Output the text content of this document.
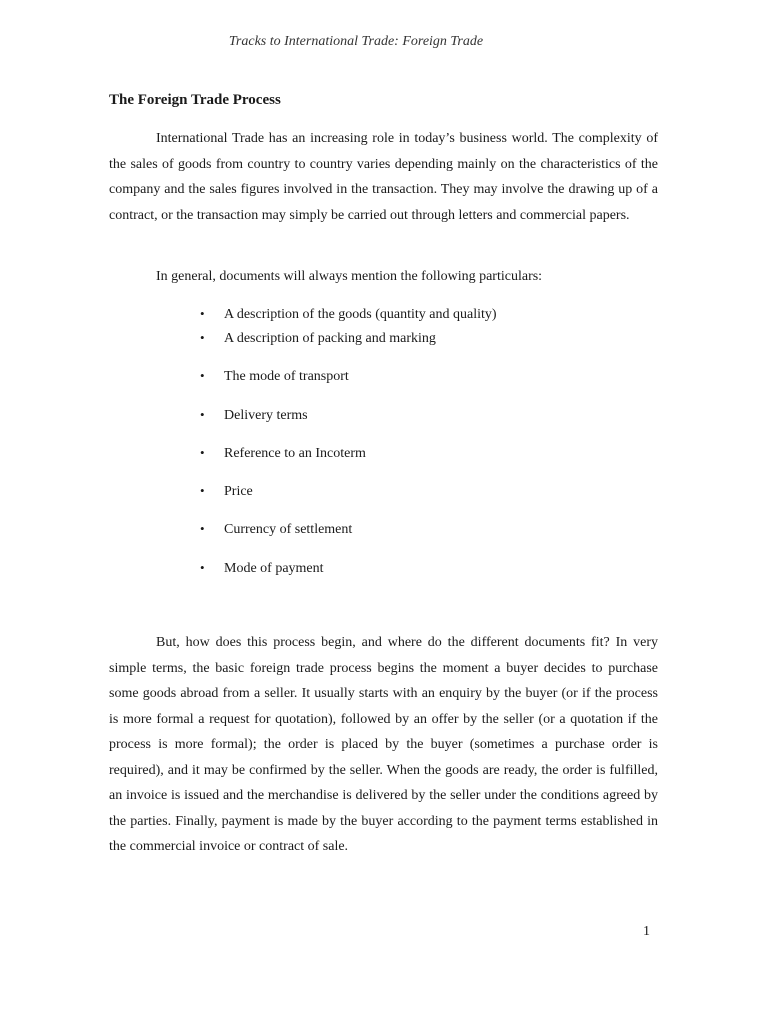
Tracks to International Trade: Foreign Trade
The Foreign Trade Process

International Trade has an increasing role in today’s business world. The complexity of the sales of goods from country to country varies depending mainly on the characteristics of the company and the sales figures involved in the transaction. They may involve the drawing up of a contract, or the transaction may simply be carried out through letters and commercial papers.

In general, documents will always mention the following particulars:

• A description of the goods (quantity and quality)
• A description of packing and marking
• The mode of transport
• Delivery terms
• Reference to an Incoterm
• Price
• Currency of settlement
• Mode of payment

But, how does this process begin, and where do the different documents fit? In very simple terms, the basic foreign trade process begins the moment a buyer decides to purchase some goods abroad from a seller. It usually starts with an enquiry by the buyer (or if the process is more formal a request for quotation), followed by an offer by the seller (or a quotation if the process is more formal); the order is placed by the buyer (sometimes a purchase order is required), and it may be confirmed by the seller. When the goods are ready, the order is fulfilled, an invoice is issued and the merchandise is delivered by the seller under the conditions agreed by the parties. Finally, payment is made by the buyer according to the payment terms established in the commercial invoice or contract of sale.

1
